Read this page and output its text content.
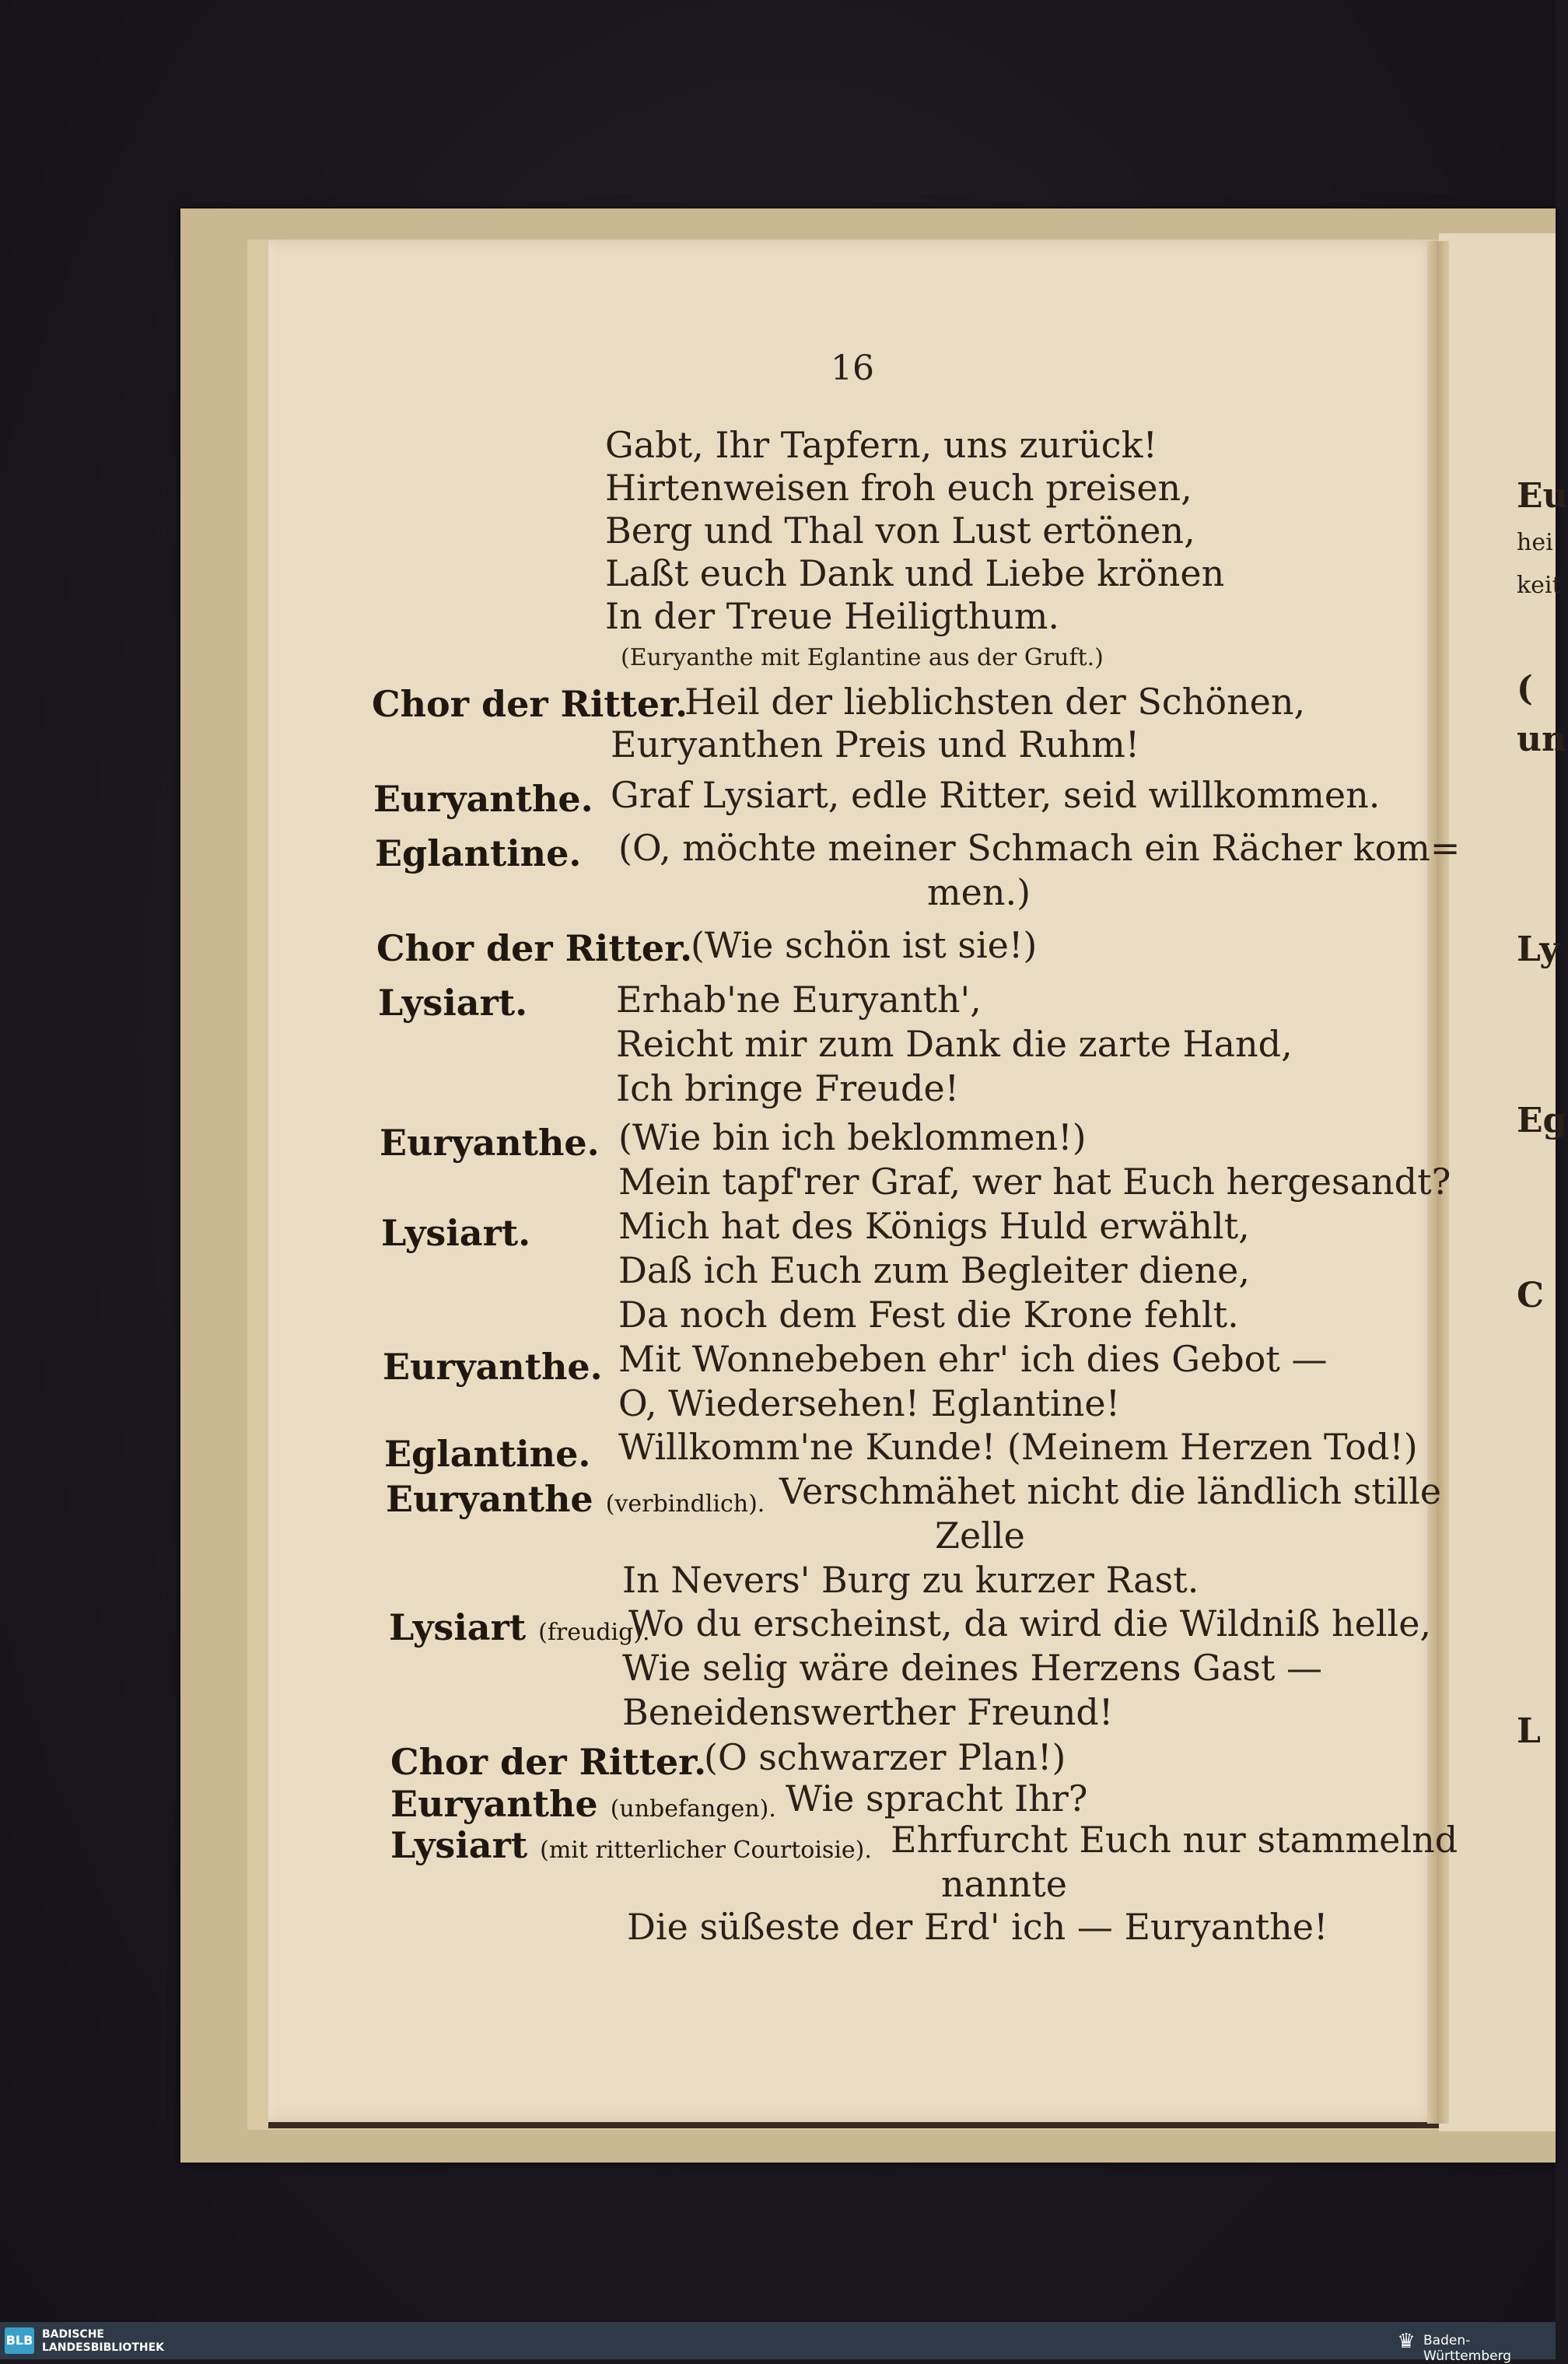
16
Gabt, Ihr Tapfern, uns zurück!
Hirtenweisen froh euch preisen,
Berg und Thal von Lust ertönen,
Laßt euch Dank und Liebe krönen
In der Treue Heiligthum.
(Euryanthe mit Eglantine aus der Gruft.)
Chor der Ritter.
Heil der lieblichsten der Schönen,
Euryanthen Preis und Ruhm!
Euryanthe. Graf Lysiart, edle Ritter, seid willkommen.
Eglantine. (O, möchte meiner Schmach ein Rächer kom=
men.)
Chor der Ritter.
(Wie schön ist sie!)
Lysiart. Erhab'ne Euryanth',
Reicht mir zum Dank die zarte Hand,
Ich bringe Freude!
Euryanthe. (Wie bin ich beklommen!)
Mein tapf'rer Graf, wer hat Euch hergesandt?
Lysiart. Mich hat des Königs Huld erwählt,
Daß ich Euch zum Begleiter diene,
Da noch dem Fest die Krone fehlt.
Euryanthe. Mit Wonnebeben ehr' ich dies Gebot —
O, Wiedersehen! Eglantine!
Eglantine. Willkomm'ne Kunde! (Meinem Herzen Tod!)
Euryanthe (verbindlich). Verschmähet nicht die ländlich stille
Zelle
In Nevers' Burg zu kurzer Rast.
Lysiart (freudig).
Wo du erscheinst, da wird die Wildniß helle,
Wie selig wäre deines Herzens Gast —
Beneidenswerther Freund!
Chor der Ritter.
(O schwarzer Plan!)
Euryanthe (unbefangen). Wie spracht Ihr?
Lysiart (mit ritterlicher Courtoisie). Ehrfurcht Euch nur stammelnd
nannte
Die süßeste der Erd' ich — Euryanthe!
Eu
hei
keit
(
un
Ly
Eg
C
L
BLB BADISCHE
LANDESBIBLIOTHEK	♛ Baden-Württemberg
